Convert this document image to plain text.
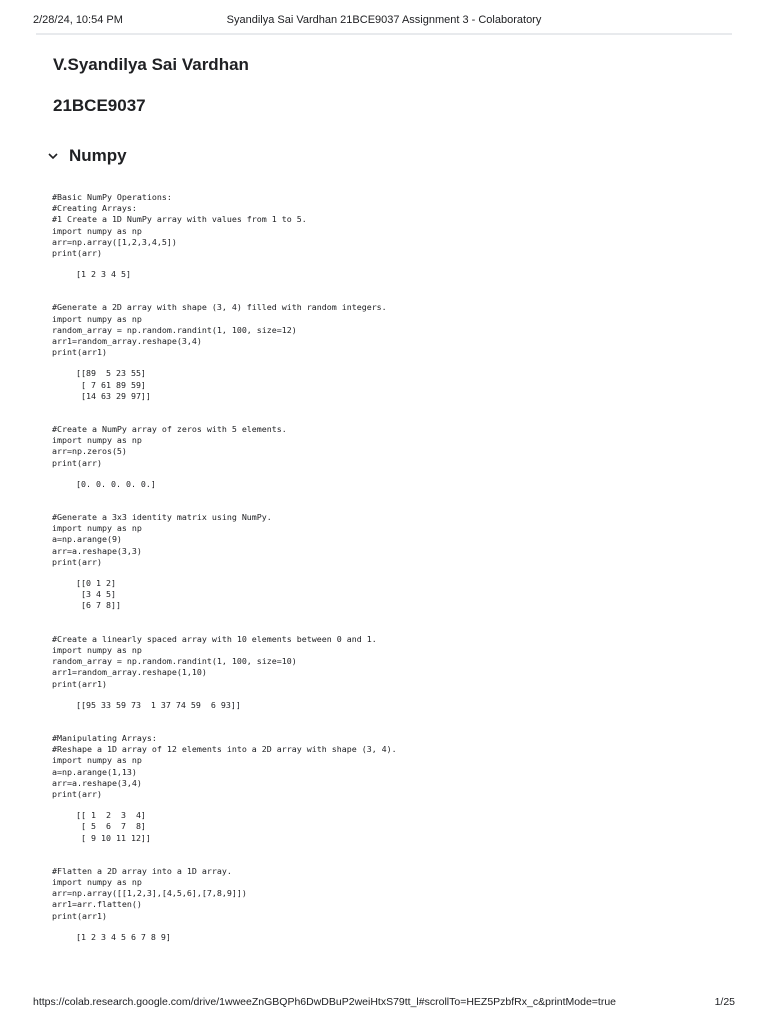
2/28/24, 10:54 PM	Syandilya Sai Vardhan 21BCE9037 Assignment 3 - Colaboratory
V.Syandilya Sai Vardhan
21BCE9037
Numpy
#Basic NumPy Operations:
#Creating Arrays:
#1 Create a 1D NumPy array with values from 1 to 5.
import numpy as np
arr=np.array([1,2,3,4,5])
print(arr)
[1 2 3 4 5]
#Generate a 2D array with shape (3, 4) filled with random integers.
import numpy as np
random_array = np.random.randint(1, 100, size=12)
arr1=random_array.reshape(3,4)
print(arr1)
[[89  5 23 55]
[ 7 61 89 59]
[14 63 29 97]]
#Create a NumPy array of zeros with 5 elements.
import numpy as np
arr=np.zeros(5)
print(arr)
[0. 0. 0. 0. 0.]
#Generate a 3x3 identity matrix using NumPy.
import numpy as np
a=np.arange(9)
arr=a.reshape(3,3)
print(arr)
[[0 1 2]
[3 4 5]
[6 7 8]]
#Create a linearly spaced array with 10 elements between 0 and 1.
import numpy as np
random_array = np.random.randint(1, 100, size=10)
arr1=random_array.reshape(1,10)
print(arr1)
[[95 33 59 73  1 37 74 59  6 93]]
#Manipulating Arrays:
#Reshape a 1D array of 12 elements into a 2D array with shape (3, 4).
import numpy as np
a=np.arange(1,13)
arr=a.reshape(3,4)
print(arr)
[[ 1  2  3  4]
[ 5  6  7  8]
[ 9 10 11 12]]
#Flatten a 2D array into a 1D array.
import numpy as np
arr=np.array([[1,2,3],[4,5,6],[7,8,9]])
arr1=arr.flatten()
print(arr1)
[1 2 3 4 5 6 7 8 9]
https://colab.research.google.com/drive/1wweeZnGBQPh6DwDBuP2weiHtxS79tt_l#scrollTo=HEZ5PzbfRx_c&printMode=true	1/25
